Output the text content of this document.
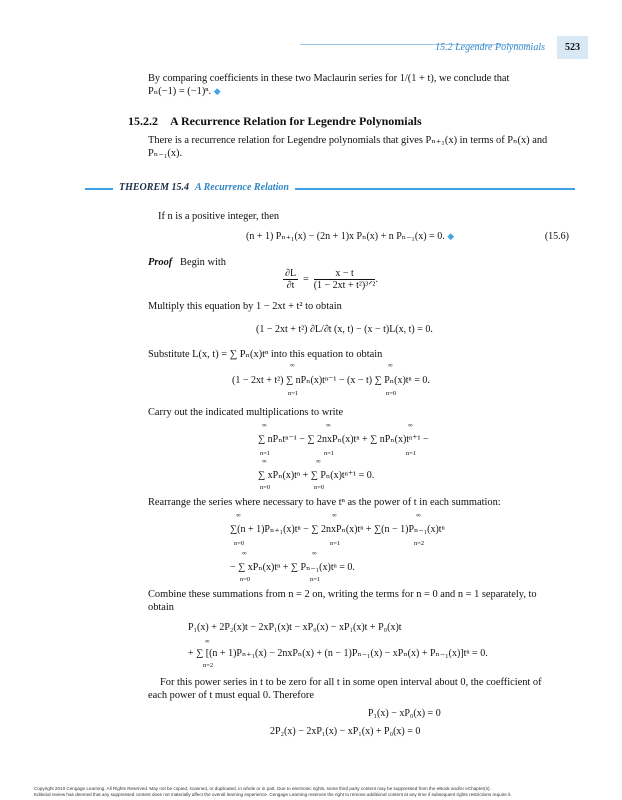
15.2 Legendre Polynomials	523
By comparing coefficients in these two Maclaurin series for 1/(1 + t), we conclude that
Pₙ(−1) = (−1)ⁿ. ◆
15.2.2 A Recurrence Relation for Legendre Polynomials
There is a recurrence relation for Legendre polynomials that gives Pₙ₊₁(x) in terms of Pₙ(x) and
Pₙ₋₁(x).
THEOREM 15.4 A Recurrence Relation
If n is a positive integer, then
(n + 1) Pₙ₊₁(x) − (2n + 1)x Pₙ(x) + n Pₙ₋₁(x) = 0. ◆	(15.6)
Proof Begin with
$\frac{\partial L}{\partial t}$ =
x − t
(1 − 2xt + t²)³ᐟ²
.
Multiply this equation by 1 − 2xt + t² to obtain
(1 − 2xt + t²) ∂L/∂t (x, t) − (x − t)L(x, t) = 0.
Substitute L(x, t) = ∑ Pₙ(x)tⁿ into this equation to obtain
∞	∞
(1 − 2xt + t²) ∑ nPₙ(x)tⁿ⁻¹ − (x − t) ∑ Pₙ(x)tⁿ = 0.
n=1	n=0
Carry out the indicated multiplications to write
∞	∞	∞
∑ nPₙtⁿ⁻¹ − ∑ 2nxPₙ(x)tⁿ + ∑ nPₙ(x)tⁿ⁺¹ −
n=1	n=1	n=1
∞	∞
∑ xPₙ(x)tⁿ + ∑ Pₙ(x)tⁿ⁺¹ = 0.
n=0	n=0
Rearrange the series where necessary to have tⁿ as the power of t in each summation:
∞	∞	∞
∑(n + 1)Pₙ₊₁(x)tⁿ − ∑ 2nxPₙ(x)tⁿ + ∑(n − 1)Pₙ₋₁(x)tⁿ
n=0	n=1	n=2
∞	∞
− ∑ xPₙ(x)tⁿ + ∑ Pₙ₋₁(x)tⁿ = 0.
n=0	n=1
Combine these summations from n = 2 on, writing the terms for n = 0 and n = 1 separately, to
obtain
P₁(x) + 2P₂(x)t − 2xP₁(x)t − xP₀(x) − xP₁(x)t + P₀(x)t
∞
+ ∑ [(n + 1)Pₙ₊₁(x) − 2nxPₙ(x) + (n − 1)Pₙ₋₁(x) − xPₙ(x) + Pₙ₋₁(x)]tⁿ = 0.
n=2
For this power series in t to be zero for all t in some open interval about 0, the coefficient of
each power of t must equal 0. Therefore
P₁(x) − xP₀(x) = 0
2P₂(x) − 2xP₁(x) − xP₁(x) + P₀(x) = 0
Copyright 2010 Cengage Learning. All Rights Reserved. May not be copied, scanned, or duplicated, in whole or in part. Due to electronic rights, some third party content may be suppressed from the eBook and/or eChapter(s).
Editorial review has deemed that any suppressed content does not materially affect the overall learning experience. Cengage Learning reserves the right to remove additional content at any time if subsequent rights restrictions require it.
